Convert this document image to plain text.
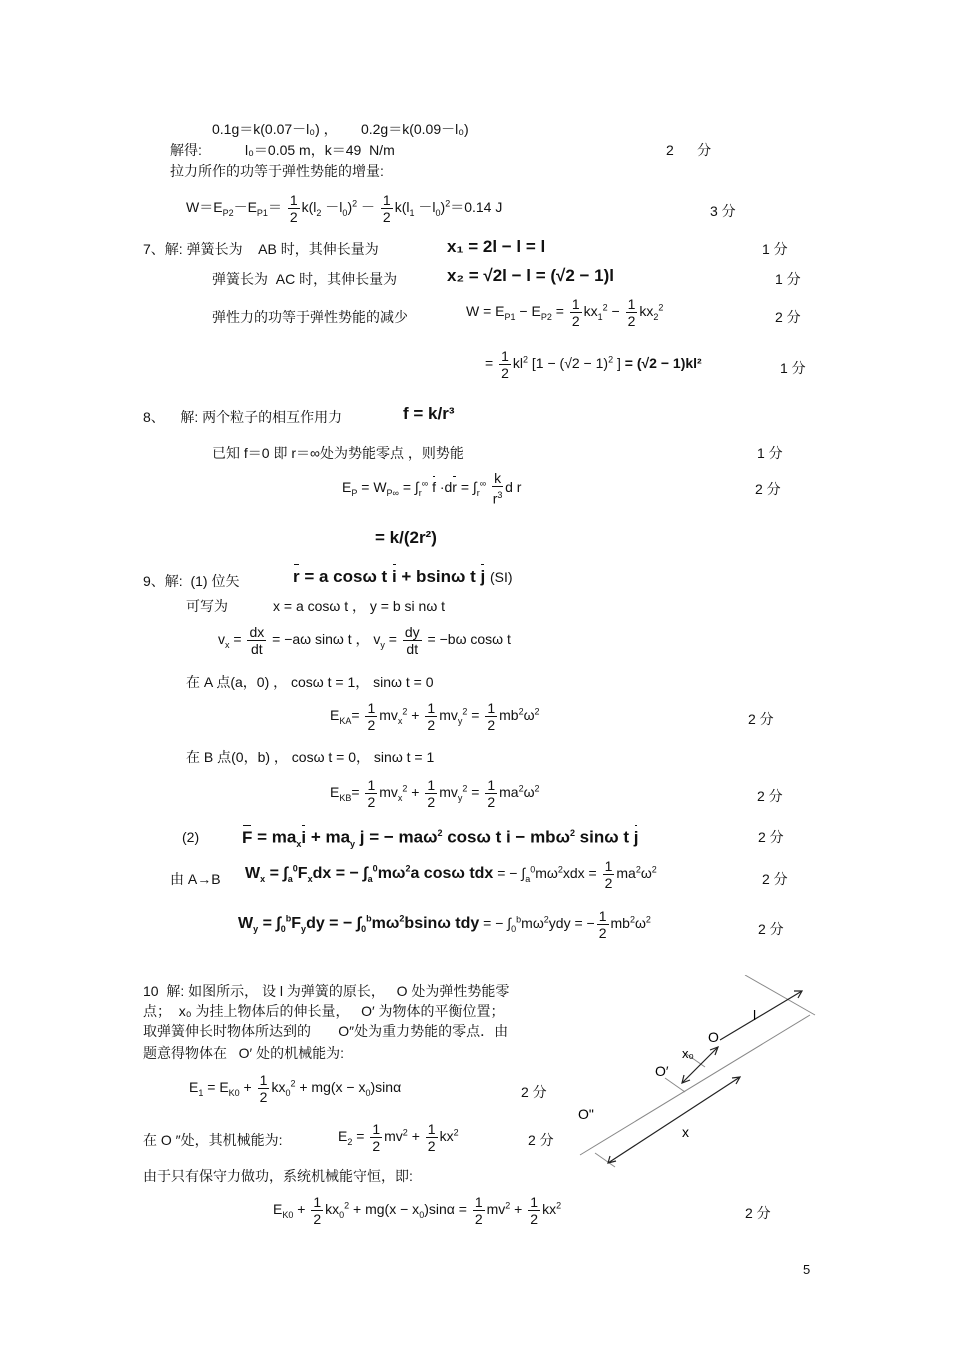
0.1g＝k(0.07－l₀) ，      0.2g＝k(0.09－l₀)
解得:	l₀＝0.05 m，k＝49  N/m	2      分
拉力所作的功等于弹性势能的增量:
$W=E_{P2}-E_{P1}= \frac{1}{2} k(l_2 -l_0)^2 - \frac{1}{2} k(l_1 -l_0)^2=0.14$ J	3 分
7、解: 弹簧长为    AB 时，其伸长量为	x₁ = 2l − l = l	1 分
弹簧长为  AC 时，其伸长量为	x₂ = √2l − l = (√2 − 1)l	1 分
弹性力的功等于弹性势能的减少	$W = E_{P1} - E_{P2} = \frac{1}{2} kx_1^2 - \frac{1}{2} kx_2^2$
2 分
= $\frac{1}{2} kl^2$ [$1 - (√2 - 1)^2$ ] = (√2 − 1)kl²	1 分
8、    解: 两个粒子的相互作用力	f = k/r³
已知 f＝0 即 r＝∞处为势能零点 ，则势能	1 分
$E_P = W_{P\infty} = \int_r^\infty$ $f \cdot dr = \int_r^\infty \frac{k}{r^3}$ d r	2 分
= k/(2r²)
9、解:  (1) 位矢	r = a cosω t i + bsinω t j (SI)
可写为	x = a cosω t ， y = b si nω t
$v_x = \frac{dx}{dt} = -a\omega$ sinω t ， $v_y = \frac{dy}{dt} = -b\omega$ cosω t
在 A 点(a，0) ， cosω t = 1， sinω t = 0
$E_{KA}= \frac{1}{2} mv_x^2 + \frac{1}{2} mv_y^2 = \frac{1}{2} mb^2\omega^2$	2 分
在 B 点(0，b) ， cosω t = 0， sinω t = 1
$E_{KB}= \frac{1}{2} mv_x^2 + \frac{1}{2} mv_y^2 = \frac{1}{2} ma^2\omega^2$	2 分
(2)	$F = ma_xi + ma_y$ j = − maω$^2$ cosω t i − mbω$^2$ sinω t j	2 分
由 A→B $W_x = \int_a^0F_xdx$ = − $\int_a^0m\omega^2a$ cosω tdx = − $\int_a^0m\omega^2xdx = \frac{1}{2} ma^2\omega^2$
2 分
$W_y = \int_0^bF_ydy$ = − $\int_0^bm\omega^2bsin\omega$ tdy = − $\int_0^bm\omega^2ydy$ = − $\frac{1}{2} mb^2\omega^2$
2 分
10  解: 如图所示， 设 l 为弹簧的原长，   O 处为弹性势能零
点；  x₀ 为挂上物体后的伸长量，   O′ 为物体的平衡位置；
取弹簧伸长时物体所达到的       O″处为重力势能的零点．由
题意得物体在   O′ 处的机械能为:
$E_1 = E_{K0} + \frac{1}{2} kx_0^2 + mg(x - x_0)\sin\alpha$	2 分
在 O ″处，其机械能为:	$E_2 = \frac{1}{2} mv^2 + \frac{1}{2} kx^2$	2 分
由于只有保守力做功，系统机械能守恒，即:
$E_{K0} + \frac{1}{2} kx_0^2 + mg(x - x_0)\sin\alpha = \frac{1}{2} mv^2 + \frac{1}{2} kx^2$	2 分
l
O
x₀
O′
O"
x
5
